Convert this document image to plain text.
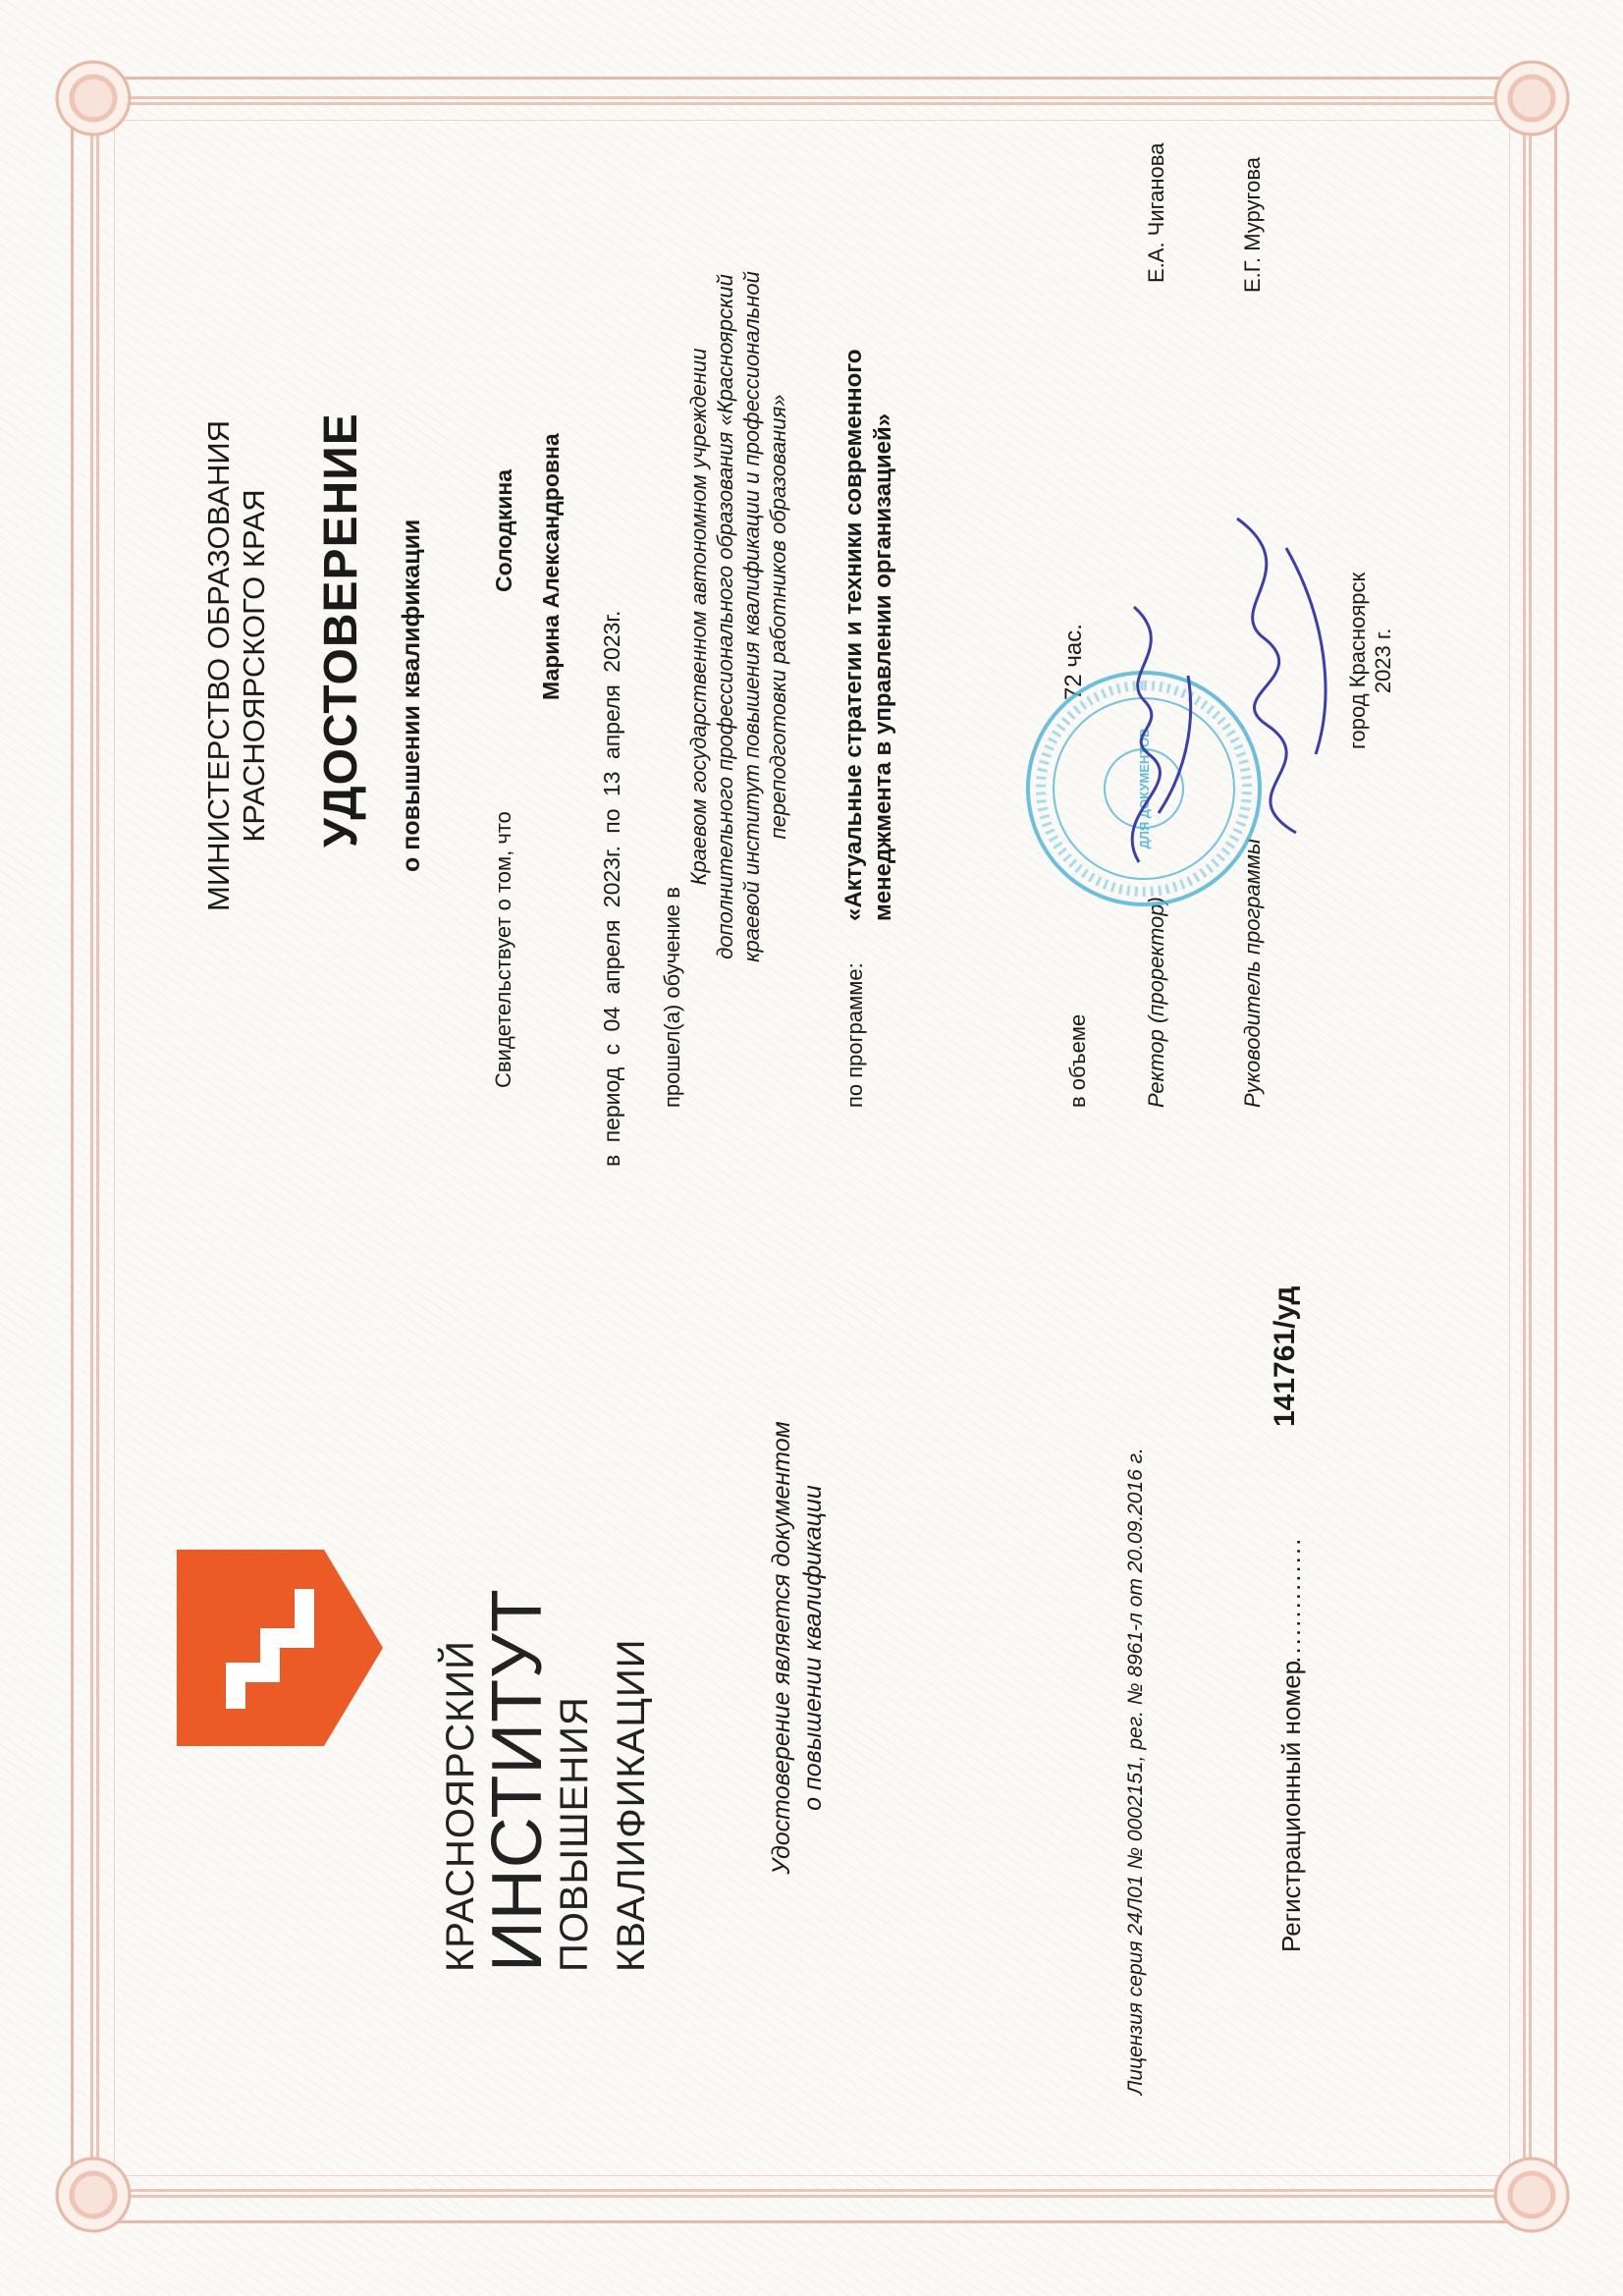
КРАСНОЯРСКИЙ
ИНСТИТУТ
ПОВЫШЕНИЯ КВАЛИФИКАЦИИ	Удостоверение является документом о повышении квалификации	Лицензия серия 24Л01 № 0002151, рег. № 8961-л от 20.09.2016 г.	Регистрационный номер
...............
141761/уд
МИНИСТЕРСТВО ОБРАЗОВАНИЯ КРАСНОЯРСКОГО КРАЯ УДОСТОВЕРЕНИЕ о повышении квалификации
Свидетельствует о том, что
Солодкина Марина Александровна
в период с 04 апреля 2023г. по 13 апреля 2023г. прошел(а) обучение в
Краевом государственном автономном учреждении дополнительного профессионального образования «Красноярский краевой институт повышения квалификации и профессиональной переподготовки работников образования»
по программе:
«Актуальные стратегии и техники современного менеджмента в управлении организацией»
в объеме
72 час.
Ректор (проректор)
Е.А. Чиганова
Руководитель программы
Е.Г. Муругова
город Красноярск 2023 г.
ДЛЯ ДОКУМЕНТОВ
